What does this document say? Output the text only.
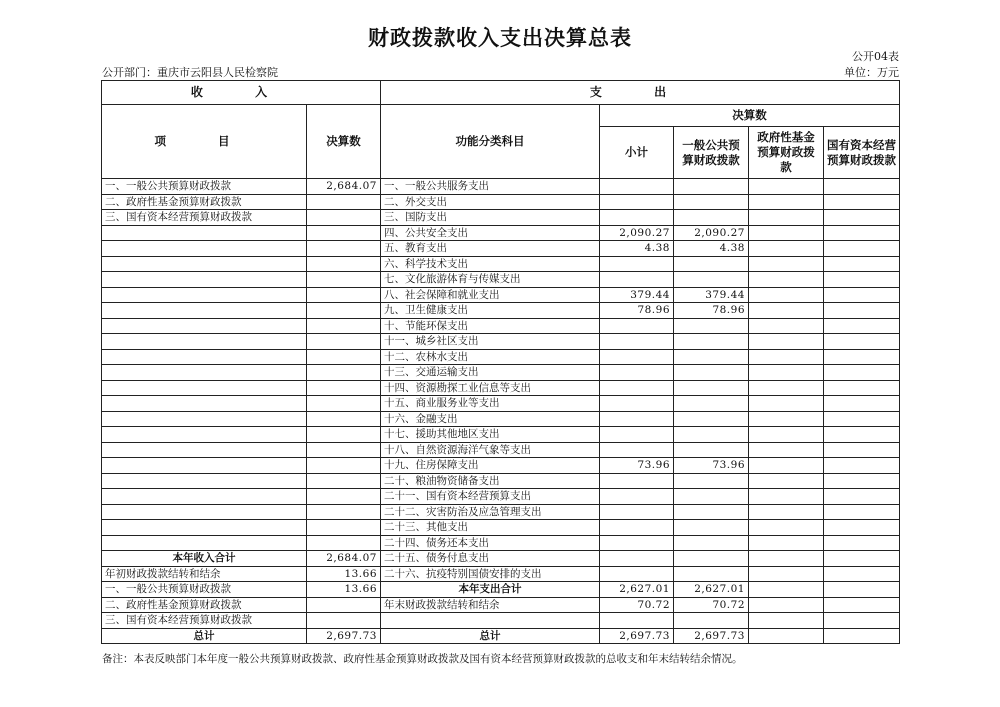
财政拨款收入支出决算总表
公开04表
公开部门：重庆市云阳县人民检察院	单位：万元
收 入		支 出				
项 目	决算数	功能分类科目	决算数			
			小计	一般公共预算财政拨款	政府性基金预算财政拨款	国有资本经营预算财政拨款
一、一般公共预算财政拨款	2,684.07	一、一般公共服务支出				
二、政府性基金预算财政拨款		二、外交支出				
三、国有资本经营预算财政拨款		三、国防支出				
		四、公共安全支出	2,090.27	2,090.27		
		五、教育支出	4.38	4.38		
		六、科学技术支出				
		七、文化旅游体育与传媒支出				
		八、社会保障和就业支出	379.44	379.44		
		九、卫生健康支出	78.96	78.96		
		十、节能环保支出				
		十一、城乡社区支出				
		十二、农林水支出				
		十三、交通运输支出				
		十四、资源勘探工业信息等支出				
		十五、商业服务业等支出				
		十六、金融支出				
		十七、援助其他地区支出				
		十八、自然资源海洋气象等支出				
		十九、住房保障支出	73.96	73.96		
		二十、粮油物资储备支出				
		二十一、国有资本经营预算支出				
		二十二、灾害防治及应急管理支出				
		二十三、其他支出				
		二十四、债务还本支出				
本年收入合计	2,684.07	二十五、债务付息支出				
年初财政拨款结转和结余	13.66	二十六、抗疫特别国债安排的支出				
一、一般公共预算财政拨款	13.66	本年支出合计	2,627.01	2,627.01		
二、政府性基金预算财政拨款		年末财政拨款结转和结余	70.72	70.72		
三、国有资本经营预算财政拨款						
总计	2,697.73	总计	2,697.73	2,697.73		
备注：本表反映部门本年度一般公共预算财政拨款、政府性基金预算财政拨款及国有资本经营预算财政拨款的总收支和年末结转结余情况。
